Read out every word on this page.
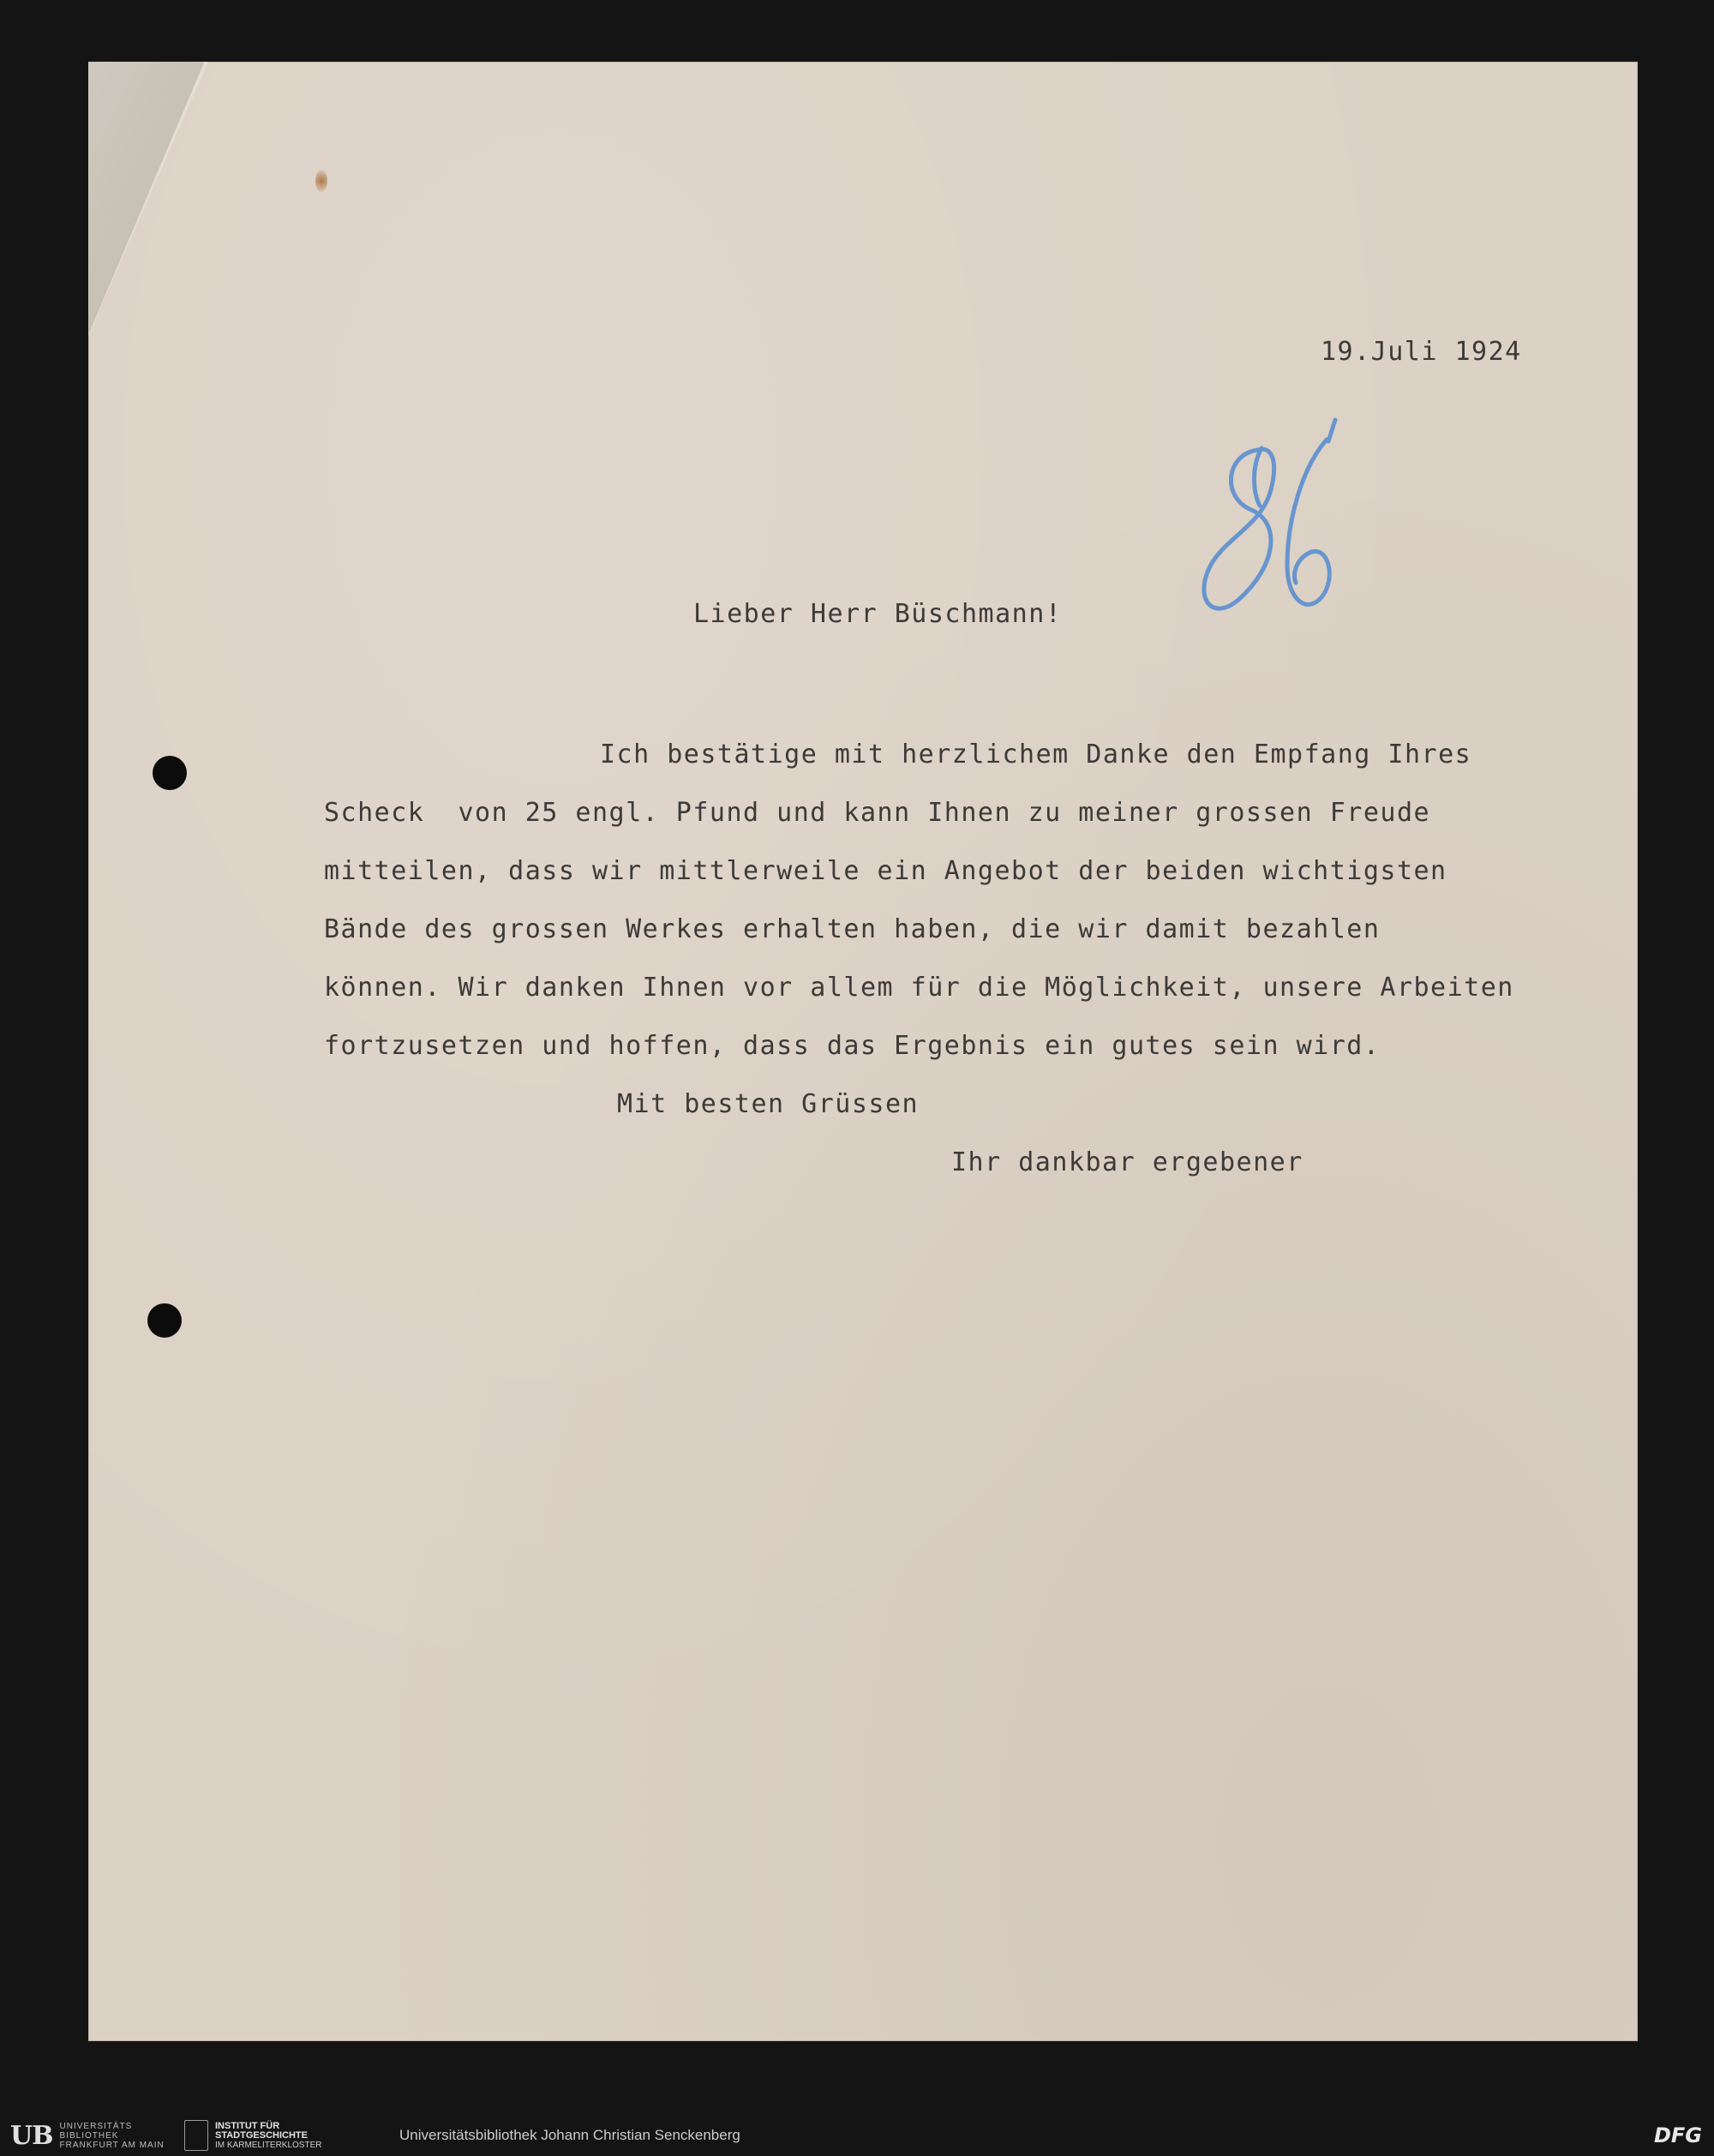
19.Juli 1924
Lieber Herr Büschmann!
Ich bestätige mit herzlichem Danke den Empfang Ihres
Scheck  von 25 engl. Pfund und kann Ihnen zu meiner grossen Freude
mitteilen, dass wir mittlerweile ein Angebot der beiden wichtigsten
Bände des grossen Werkes erhalten haben, die wir damit bezahlen
können. Wir danken Ihnen vor allem für die Möglichkeit, unsere Arbeiten
fortzusetzen und hoffen, dass das Ergebnis ein gutes sein wird.
Mit besten Grüssen
Ihr dankbar ergebener
UB UNIVERSITÄTS
BIBLIOTHEK
FRANKFURT AM MAIN
INSTITUT FÜR
STADTGESCHICHTE
IM KARMELITERKLOSTER

Universitätsbibliothek Johann Christian Senckenberg	DFG
